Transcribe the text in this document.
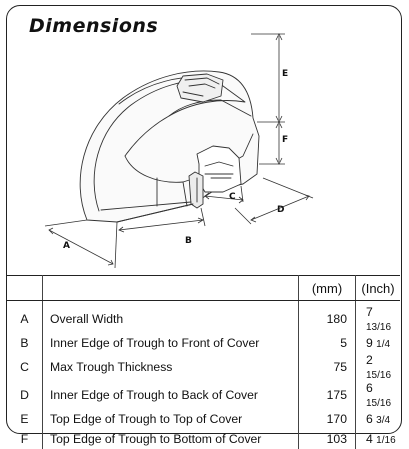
Dimensions
E
F
A	B
C
D
		(mm)	(Inch)
A	Overall Width	180	7 13/16
B	Inner Edge of Trough to Front of Cover	5	9 1/4
C	Max Trough Thickness	75	2 15/16
D	Inner Edge of Trough to Back of Cover	175	6 15/16
E	Top Edge of Trough to Top of Cover	170	6 3/4
F	Top Edge of Trough to Bottom of Cover	103	4 1/16
